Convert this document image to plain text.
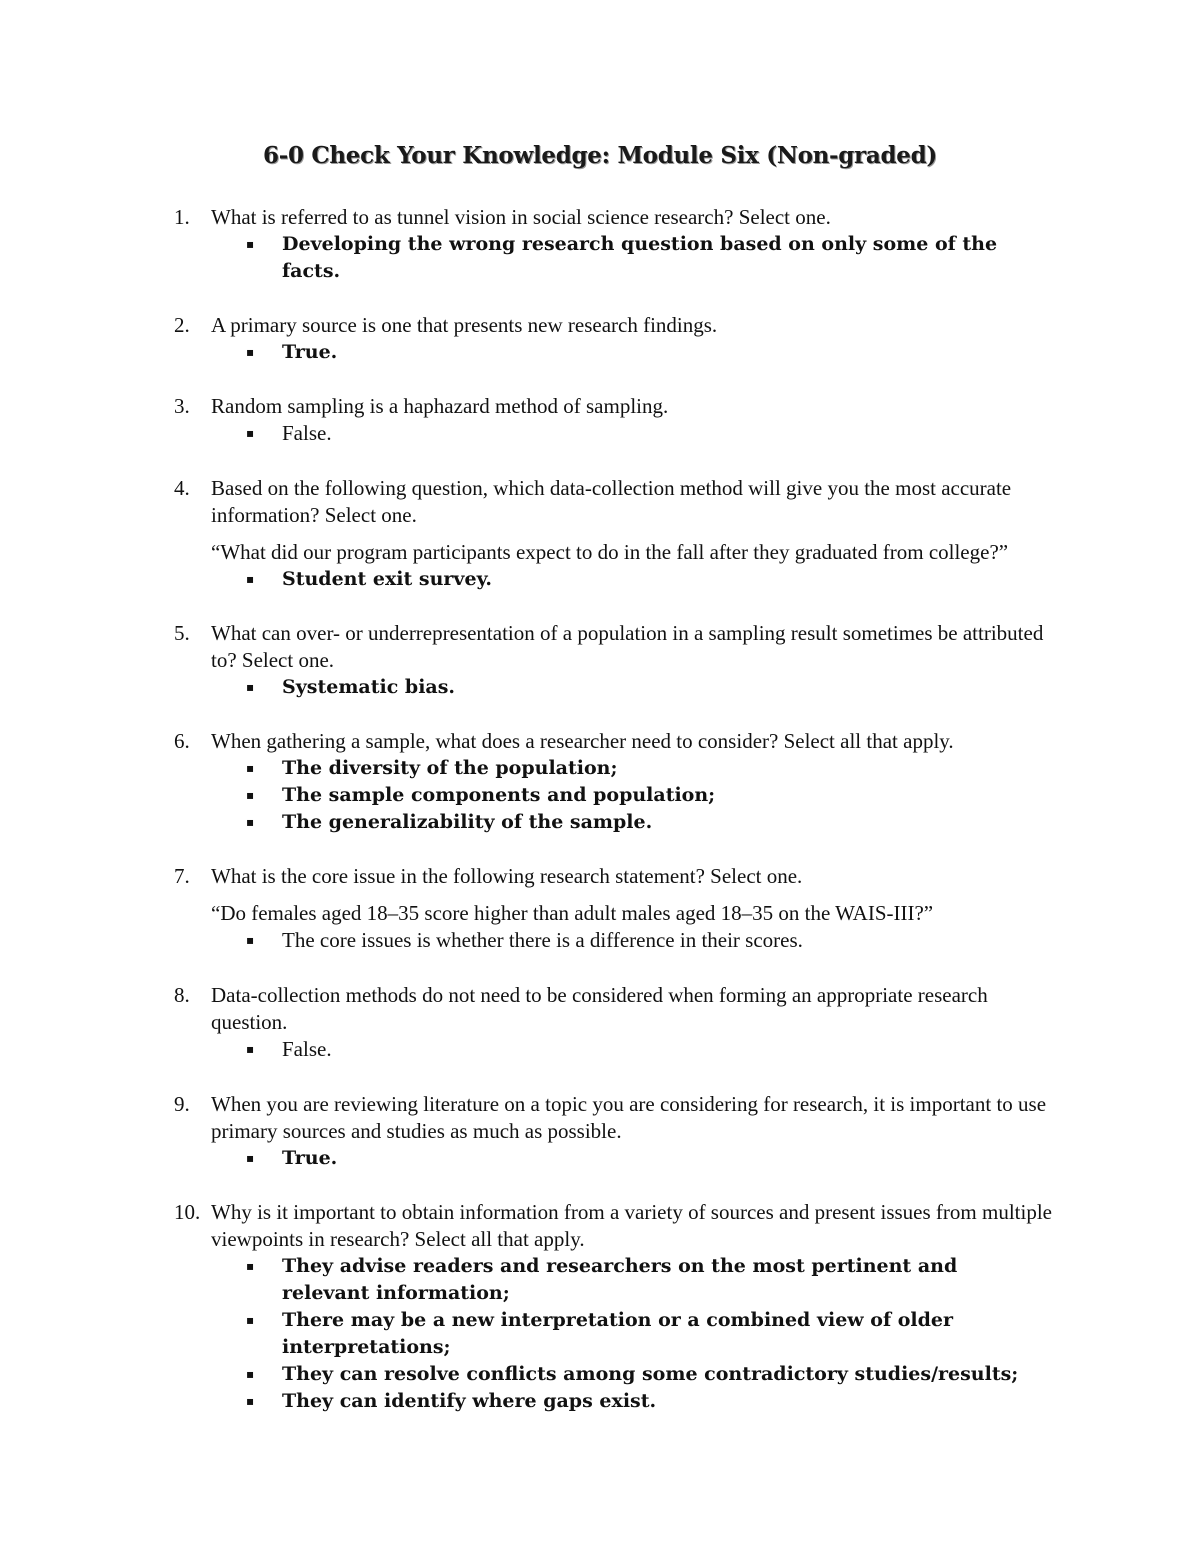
6-0 Check Your Knowledge: Module Six (Non-graded)
1.	What is referred to as tunnel vision in social science research? Select one.
▪ Developing the wrong research question based on only some of the facts.
2.	A primary source is one that presents new research findings.
▪ True.
3.	Random sampling is a haphazard method of sampling.
▪ False.
4.	Based on the following question, which data-collection method will give you the most accurate information? Select one.
“What did our program participants expect to do in the fall after they graduated from college?”
▪ Student exit survey.
5.	What can over- or underrepresentation of a population in a sampling result sometimes be attributed to? Select one.
▪ Systematic bias.
6.	When gathering a sample, what does a researcher need to consider? Select all that apply.
▪ The diversity of the population;
▪ The sample components and population;
▪ The generalizability of the sample.
7.	What is the core issue in the following research statement? Select one.
“Do females aged 18–35 score higher than adult males aged 18–35 on the WAIS-III?”
▪ The core issues is whether there is a difference in their scores.
8.	Data-collection methods do not need to be considered when forming an appropriate research question.
▪ False.
9.	When you are reviewing literature on a topic you are considering for research, it is important to use primary sources and studies as much as possible.
▪ True.
10. Why is it important to obtain information from a variety of sources and present issues from multiple viewpoints in research? Select all that apply.
▪ They advise readers and researchers on the most pertinent and relevant information;
▪ There may be a new interpretation or a combined view of older interpretations;
▪ They can resolve conflicts among some contradictory studies/results;
▪ They can identify where gaps exist.
